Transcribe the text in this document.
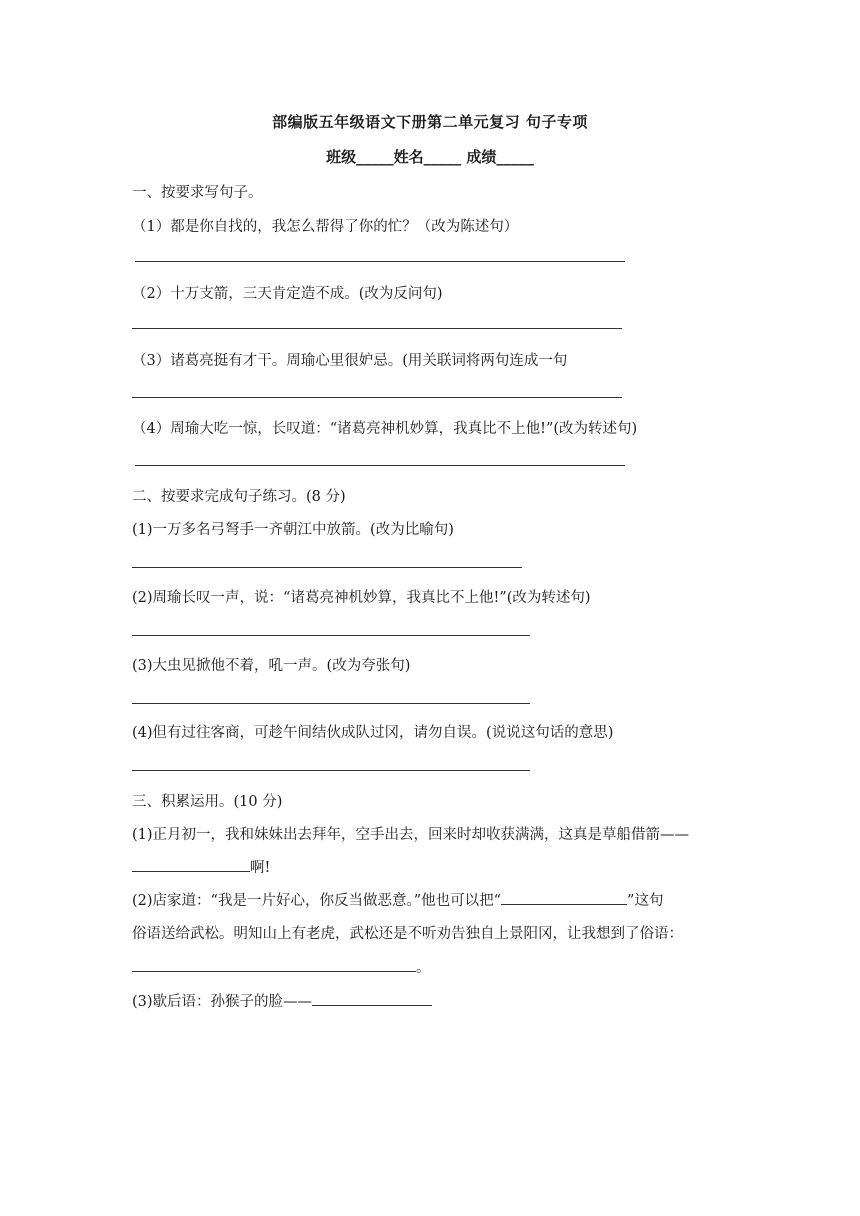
部编版五年级语文下册第二单元复习 句子专项
班级_____姓名_____ 成绩_____
一、按要求写句子。
（1）都是你自找的，我怎么帮得了你的忙？（改为陈述句）
（2）十万支箭，三天肯定造不成。(改为反问句)
（3）诸葛亮挺有才干。周瑜心里很妒忌。(用关联词将两句连成一句
（4）周瑜大吃一惊，长叹道：“诸葛亮神机妙算，我真比不上他!”(改为转述句)
二、按要求完成句子练习。(8 分)
(1)一万多名弓弩手一齐朝江中放箭。(改为比喻句)
(2)周瑜长叹一声，说：“诸葛亮神机妙算，我真比不上他!”(改为转述句)
(3)大虫见掀他不着，吼一声。(改为夸张句)
(4)但有过往客商，可趁午间结伙成队过冈，请勿自误。(说说这句话的意思)
三、积累运用。(10 分)
(1)正月初一，我和妹妹出去拜年，空手出去，回来时却收获满满，这真是草船借箭——
啊!
(2)店家道：“我是一片好心，你反当做恶意。”他也可以把“	”这句
俗语送给武松。明知山上有老虎，武松还是不听劝告独自上景阳冈，让我想到了俗语：
。
(3)歇后语：孙猴子的脸——
